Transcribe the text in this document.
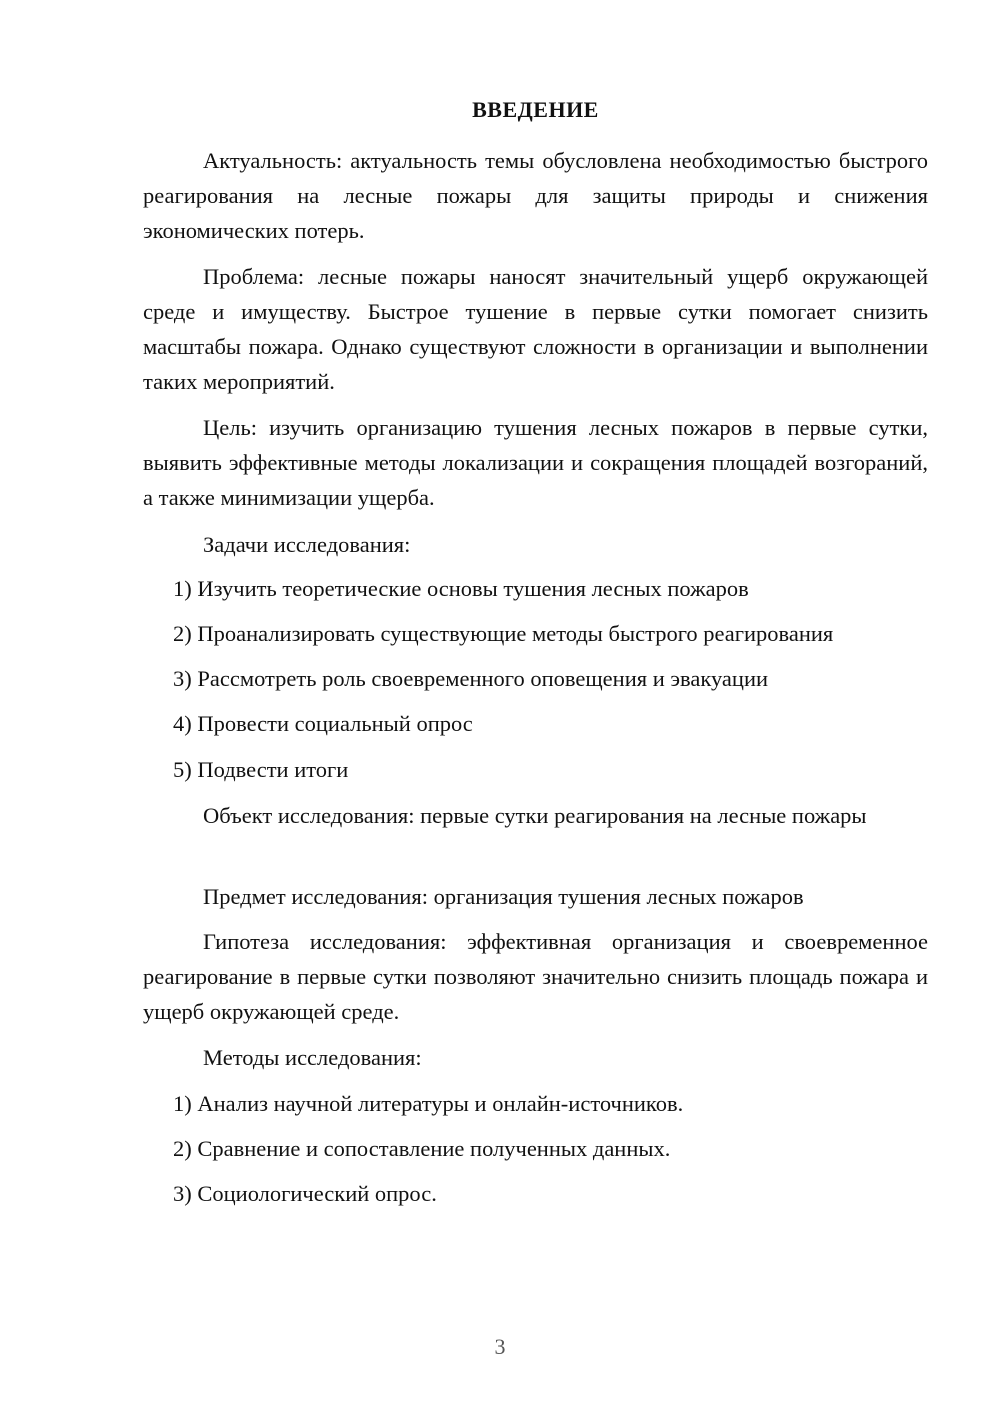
ВВЕДЕНИЕ

Актуальность: актуальность темы обусловлена необходимостью быстрого реагирования на лесные пожары для защиты природы и снижения экономических потерь.

Проблема: лесные пожары наносят значительный ущерб окружающей среде и имуществу. Быстрое тушение в первые сутки помогает снизить масштабы пожара. Однако существуют сложности в организации и выполнении таких мероприятий.

Цель: изучить организацию тушения лесных пожаров в первые сутки, выявить эффективные методы локализации и сокращения площадей возгораний, а также минимизации ущерба.

Задачи исследования:

1) Изучить теоретические основы тушения лесных пожаров

2) Проанализировать существующие методы быстрого реагирования

3) Рассмотреть роль своевременного оповещения и эвакуации

4) Провести социальный опрос

5) Подвести итоги

Объект исследования: первые сутки реагирования на лесные пожары

Предмет исследования: организация тушения лесных пожаров

Гипотеза исследования: эффективная организация и своевременное реагирование в первые сутки позволяют значительно снизить площадь пожара и ущерб окружающей среде.

Методы исследования:

1) Анализ научной литературы и онлайн-источников.

2) Сравнение и сопоставление полученных данных.

3) Социологический опрос.

3
